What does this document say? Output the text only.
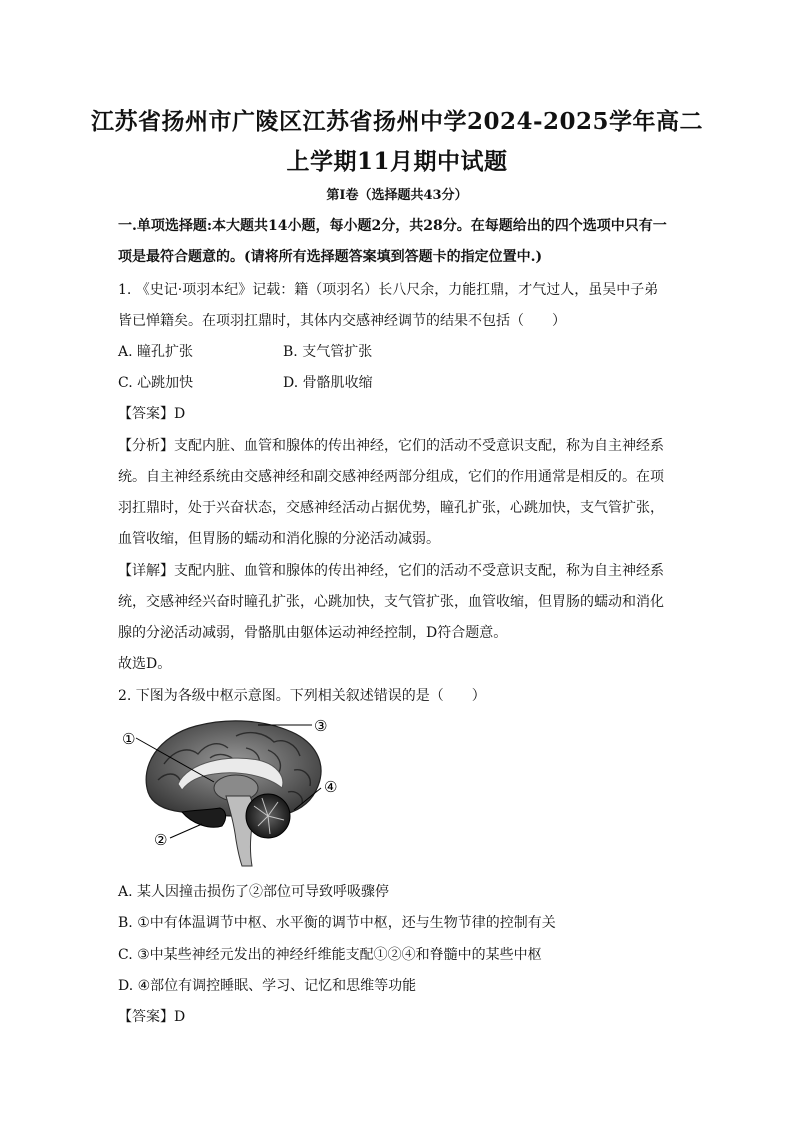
江苏省扬州市广陵区江苏省扬州中学2024-2025学年高二
上学期11月期中试题
第I卷（选择题共43分）
一.单项选择题:本大题共14小题，每小题2分，共28分。在每题给出的四个选项中只有一
项是最符合题意的。(请将所有选择题答案填到答题卡的指定位置中.)
1. 《史记·项羽本纪》记载：籍（项羽名）长八尺余，力能扛鼎，才气过人，虽吴中子弟
皆已惮籍矣。在项羽扛鼎时，其体内交感神经调节的结果不包括（　　）
A. 瞳孔扩张	B. 支气管扩张
C. 心跳加快	D. 骨骼肌收缩
【答案】D
【分析】支配内脏、血管和腺体的传出神经，它们的活动不受意识支配，称为自主神经系
统。自主神经系统由交感神经和副交感神经两部分组成，它们的作用通常是相反的。在项
羽扛鼎时，处于兴奋状态，交感神经活动占据优势，瞳孔扩张，心跳加快，支气管扩张，
血管收缩，但胃肠的蠕动和消化腺的分泌活动减弱。
【详解】支配内脏、血管和腺体的传出神经，它们的活动不受意识支配，称为自主神经系
统，交感神经兴奋时瞳孔扩张，心跳加快，支气管扩张，血管收缩，但胃肠的蠕动和消化
腺的分泌活动减弱，骨骼肌由躯体运动神经控制，D符合题意。
故选D。
2. 下图为各级中枢示意图。下列相关叙述错误的是（　　）
①
③
④
②
A. 某人因撞击损伤了②部位可导致呼吸骤停
B. ①中有体温调节中枢、水平衡的调节中枢，还与生物节律的控制有关
C. ③中某些神经元发出的神经纤维能支配①②④和脊髓中的某些中枢
D. ④部位有调控睡眠、学习、记忆和思维等功能
【答案】D
